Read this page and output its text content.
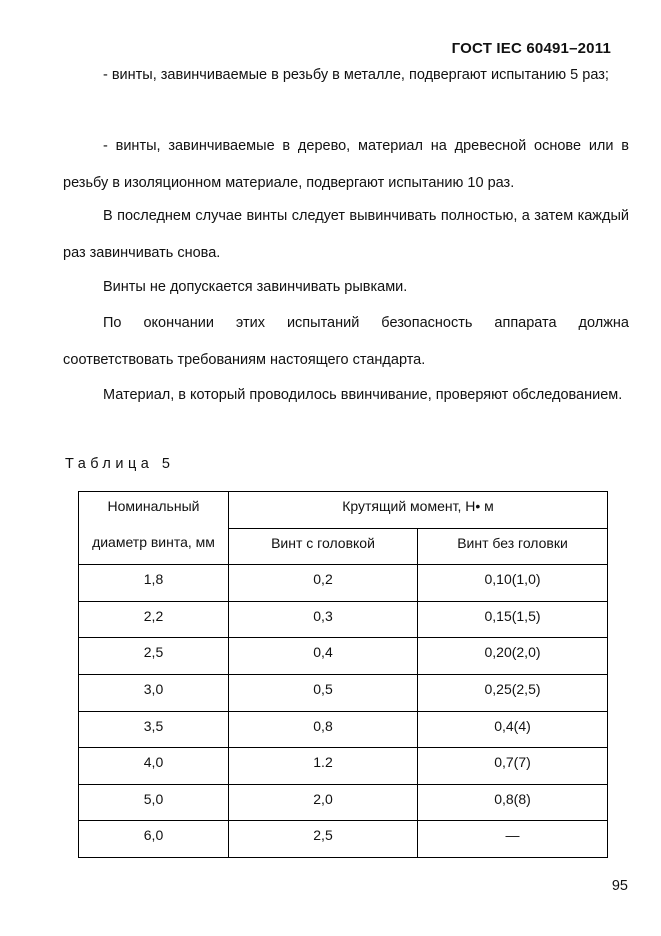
ГОСТ IEC 60491–2011
- винты, завинчиваемые в резьбу в металле, подвергают испытанию 5 раз;
- винты, завинчиваемые в дерево, материал на древесной основе или в резьбу в изоляционном материале, подвергают испытанию 10 раз.
В последнем случае винты следует вывинчивать полностью, а затем каждый раз завинчивать снова.
Винты не допускается завинчивать рывками.
По окончании этих испытаний безопасность аппарата должна соответствовать требованиям настоящего стандарта.
Материал, в который проводилось ввинчивание, проверяют обследованием.
Таблица 5
Номинальный	Крутящий момент, Н• м	
диаметр винта, мм	Винт с головкой	Винт без головки
1,8	0,2	0,10(1,0)
2,2	0,3	0,15(1,5)
2,5	0,4	0,20(2,0)
3,0	0,5	0,25(2,5)
3,5	0,8	0,4(4)
4,0	1.2	0,7(7)
5,0	2,0	0,8(8)
6,0	2,5	—
95
